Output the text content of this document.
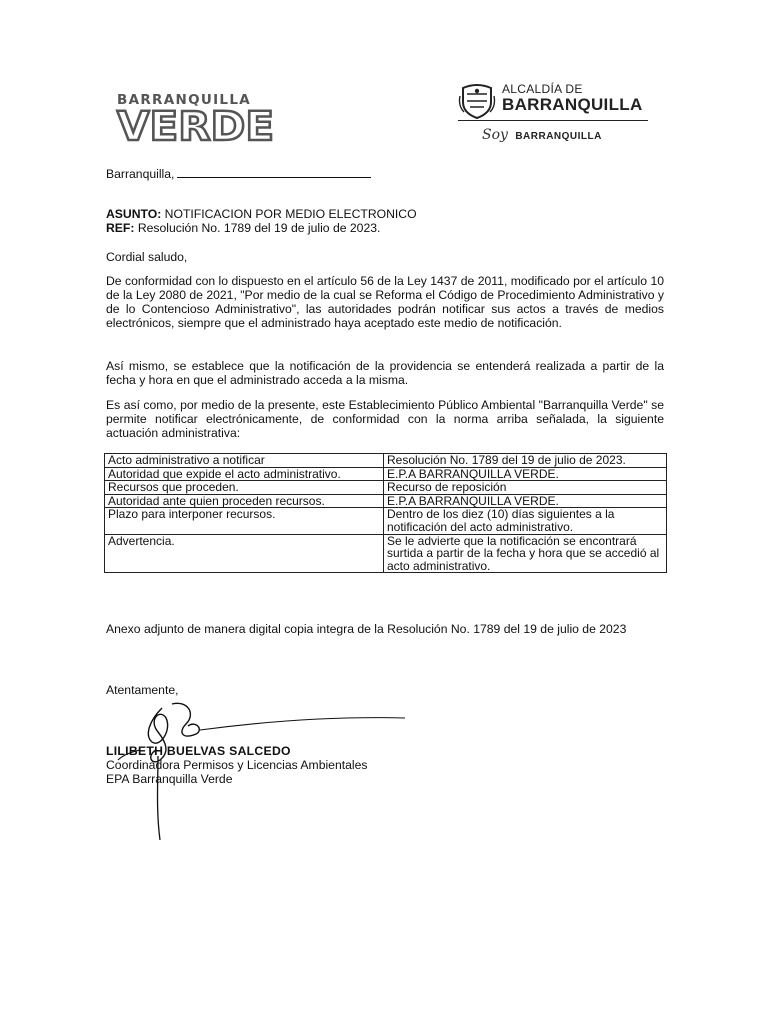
BARRANQUILLA
VERDE
ALCALDÍA DE
BARRANQUILLA
Soy BARRANQUILLA
Barranquilla,
ASUNTO: NOTIFICACION POR MEDIO ELECTRONICO
REF: Resolución No. 1789 del 19 de julio de 2023.
Cordial saludo,
De conformidad con lo dispuesto en el artículo 56 de la Ley 1437 de 2011, modificado por el artículo 10 de la Ley 2080 de 2021, "Por medio de la cual se Reforma el Código de Procedimiento Administrativo y de lo Contencioso Administrativo", las autoridades podrán notificar sus actos a través de medios electrónicos, siempre que el administrado haya aceptado este medio de notificación.
Así mismo, se establece que la notificación de la providencia se entenderá realizada a partir de la fecha y hora en que el administrado acceda a la misma.
Es así como, por medio de la presente, este Establecimiento Público Ambiental "Barranquilla Verde" se permite notificar electrónicamente, de conformidad con la norma arriba señalada, la siguiente actuación administrativa:
Acto administrativo a notificar	Resolución No. 1789 del 19 de julio de 2023.
Autoridad que expide el acto administrativo.	E.P.A BARRANQUILLA VERDE.
Recursos que proceden.	Recurso de reposición
Autoridad ante quien proceden recursos.	E.P.A BARRANQUILLA VERDE.
Plazo para interponer recursos.	Dentro de los diez (10) días siguientes a la notificación del acto administrativo.
Advertencia.	Se le advierte que la notificación se encontrará surtida a partir de la fecha y hora que se accedió al acto administrativo.
Anexo adjunto de manera digital copia integra de la Resolución No. 1789 del 19 de julio de 2023
Atentamente,
LILIBETH BUELVAS SALCEDO
Coordinadora Permisos y Licencias Ambientales
EPA Barranquilla Verde
